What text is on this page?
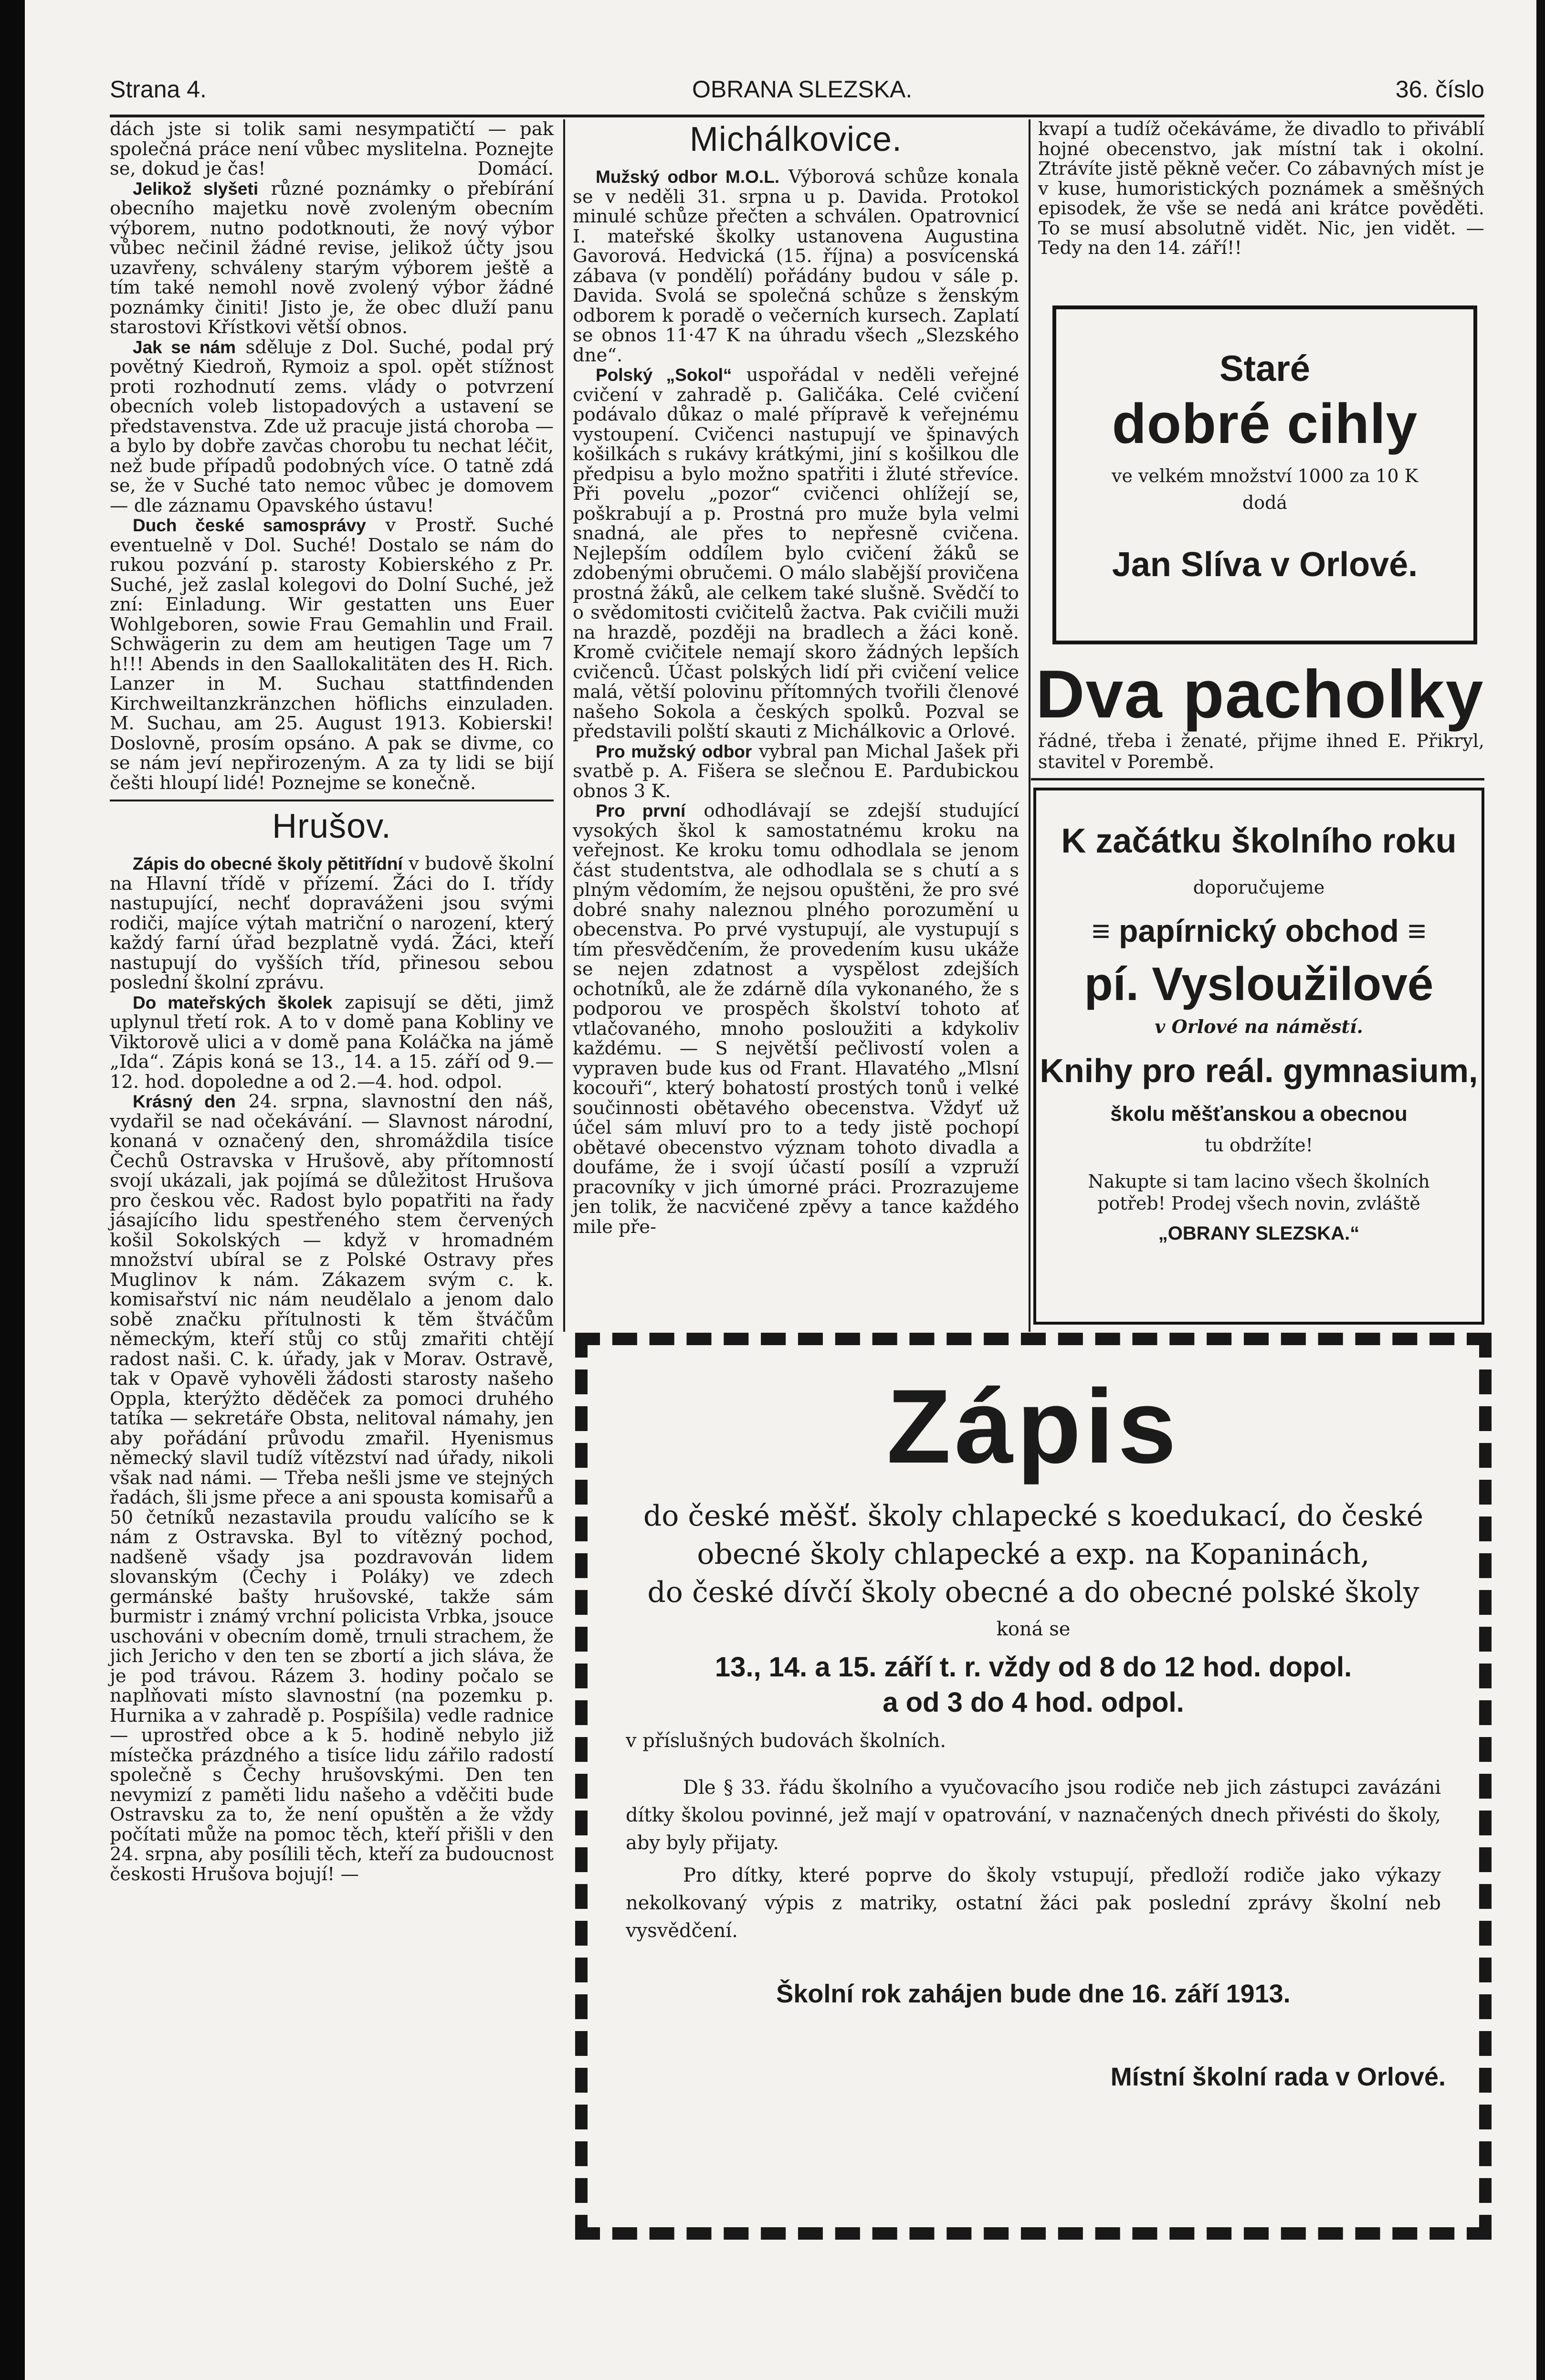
Strana 4.	OBRANA SLEZSKA.	36. číslo

dách jste si tolik sami nesympatičtí — pak společná práce není vůbec myslitelna. Poznejte se, dokud je čas!	Domácí.

Jelikož slyšeti různé poznámky o přebírání obecního majetku nově zvoleným obecním výborem, nutno podotknouti, že nový výbor vůbec nečinil žádné revise, jelikož účty jsou uzavřeny, schváleny starým výborem ještě a tím také nemohl nově zvolený výbor žádné poznámky činiti! Jisto je, že obec dluží panu starostovi Křístkovi větší obnos.

Jak se nám sděluje z Dol. Suché, podal prý povětný Kiedroň, Rymoiz a spol. opět stížnost proti rozhodnutí zems. vlády o potvrzení obecních voleb listopadových a ustavení se představenstva. Zde už pracuje jistá choroba — a bylo by dobře zavčas chorobu tu nechat léčit, než bude případů podobných více. O tatně zdá se, že v Suché tato nemoc vůbec je domovem — dle záznamu Opavského ústavu!

Duch české samosprávy v Prostř. Suché eventuelně v Dol. Suché! Dostalo se nám do rukou pozvání p. starosty Kobierského z Pr. Suché, jež zaslal kolegovi do Dolní Suché, jež zní: Einladung. Wir gestatten uns Euer Wohlgeboren, sowie Frau Gemahlin und Frail. Schwägerin zu dem am heutigen Tage um 7 h!!! Abends in den Saallokalitäten des H. Rich. Lanzer in M. Suchau stattfindenden Kirchweiltanzkränzchen höflichs einzuladen. M. Suchau, am 25. August 1913. Kobierski! Doslovně, prosím opsáno. A pak se divme, co se nám jeví nepřirozeným. A za ty lidi se bijí češti hloupí lidé! Poznejme se konečně.

Hrušov.

Zápis do obecné školy pětitřídní v budově školní na Hlavní třídě v přízemí. Žáci do I. třídy nastupující, nechť dopraváženi jsou svými rodiči, majíce výtah matriční o narození, který každý farní úřad bezplatně vydá. Žáci, kteří nastupují do vyšších tříd, přinesou sebou poslední školní zprávu.

Do mateřských školek zapisují se děti, jimž uplynul třetí rok. A to v domě pana Kobliny ve Viktorově ulici a v domě pana Koláčka na jámě „Ida“. Zápis koná se 13., 14. a 15. září od 9.—12. hod. dopoledne a od 2.—4. hod. odpol.

Krásný den 24. srpna, slavnostní den náš, vydařil se nad očekávání. — Slavnost národní, konaná v označený den, shromáždila tisíce Čechů Ostravska v Hrušově, aby přítomností svojí ukázali, jak pojímá se důležitost Hrušova pro českou věc. Radost bylo popatřiti na řady jásajícího lidu spestřeného stem červených košil Sokolských — když v hromadném množství ubíral se z Polské Ostravy přes Muglinov k nám. Zákazem svým c. k. komisařství nic nám neudělalo a jenom dalo sobě značku přítulnosti k těm štváčům německým, kteří stůj co stůj zmařiti chtějí radost naši. C. k. úřady, jak v Morav. Ostravě, tak v Opavě vyhověli žádosti starosty našeho Oppla, kterýžto děděček za pomoci druhého tatíka — sekretáře Obsta, nelitoval námahy, jen aby pořádání průvodu zmařil. Hyenismus německý slavil tudíž vítězství nad úřady, nikoli však nad námi. — Třeba nešli jsme ve stejných řadách, šli jsme přece a ani spousta komisařů a 50 četníků nezastavila proudu valícího se k nám z Ostravska. Byl to vítězný pochod, nadšeně všady jsa pozdravován lidem slovanským (Čechy i Poláky) ve zdech germánské bašty hrušovské, takže sám burmistr i známý vrchní policista Vrbka, jsouce uschováni v obecním domě, trnuli strachem, že jich Jericho v den ten se zbortí a jich sláva, že je pod trávou. Rázem 3. hodiny počalo se naplňovati místo slavnostní (na pozemku p. Hurnika a v zahradě p. Pospíšila) vedle radnice — uprostřed obce a k 5. hodině nebylo již místečka prázdného a tisíce lidu zářilo radostí společně s Čechy hrušovskými. Den ten nevymizí z paměti lidu našeho a vděčiti bude Ostravsku za to, že není opuštěn a že vždy počítati může na pomoc těch, kteří přišli v den 24. srpna, aby posílili těch, kteří za budoucnost českosti Hrušova bojují! —

Michálkovice.

Mužský odbor M.O.L. Výborová schůze konala se v neděli 31. srpna u p. Davida. Protokol minulé schůze přečten a schválen. Opatrovnicí I. mateřské školky ustanovena Augustina Gavorová. Hedvická (15. října) a posvícenská zábava (v pondělí) pořádány budou v sále p. Davida. Svolá se společná schůze s ženským odborem k poradě o večerních kursech. Zaplatí se obnos 11·47 K na úhradu všech „Slezského dne“.

Polský „Sokol“ uspořádal v neděli veřejné cvičení v zahradě p. Galičáka. Celé cvičení podávalo důkaz o malé přípravě k veřejnému vystoupení. Cvičenci nastupují ve špinavých košilkách s rukávy krátkými, jiní s košilkou dle předpisu a bylo možno spatřiti i žluté střevíce. Při povelu „pozor“ cvičenci ohlížejí se, poškrabují a p. Prostná pro muže byla velmi snadná, ale přes to nepřesně cvičena. Nejlepším oddílem bylo cvičení žáků se zdobenými obručemi. O málo slabější provičena prostná žáků, ale celkem také slušně. Svědčí to o svědomitosti cvičitelů žactva. Pak cvičili muži na hrazdě, později na bradlech a žáci koně. Kromě cvičitele nemají skoro žádných lepších cvičenců. Účast polských lidí při cvičení velice malá, větší polovinu přítomných tvořili členové našeho Sokola a českých spolků. Pozval se představili polští skauti z Michálkovic a Orlové.

Pro mužský odbor vybral pan Michal Jašek při svatbě p. A. Fišera se slečnou E. Pardubickou obnos 3 K.

Pro první odhodlávají se zdejší studující vysokých škol k samostatnému kroku na veřejnost. Ke kroku tomu odhodlala se jenom část studentstva, ale odhodlala se s chutí a s plným vědomím, že nejsou opuštěni, že pro své dobré snahy naleznou plného porozumění u obecenstva. Po prvé vystupují, ale vystupují s tím přesvědčením, že provedením kusu ukáže se nejen zdatnost a vyspělost zdejších ochotníků, ale že zdárně díla vykonaného, že s podporou ve prospěch školství tohoto ať vtlačovaného, mnoho posloužiti a kdykoliv každému. — S největší pečlivostí volen a vypraven bude kus od Frant. Hlavatého „Mlsní kocouři“, který bohatostí prostých tonů i velké součinnosti obětavého obecenstva. Vždyť už účel sám mluví pro to a tedy jistě pochopí obětavé obecenstvo význam tohoto divadla a doufáme, že i svojí účastí posílí a vzpruží pracovníky v jich úmorné práci. Prozrazujeme jen tolik, že nacvičené zpěvy a tance každého mile pře-

kvapí a tudíž očekáváme, že divadlo to přiváblí hojné obecenstvo, jak místní tak i okolní. Ztrávíte jistě pěkně večer. Co zábavných míst je v kuse, humoristických poznámek a směšných episodek, že vše se nedá ani krátce pověděti. To se musí absolutně vidět. Nic, jen vidět. — Tedy na den 14. září!!

Staré
dobré cihly
ve velkém množství 1000 za 10 K
dodá
Jan Slíva v Orlové.
Dva pacholky
řádné, třeba i ženaté, přijme ihned E. Přikryl, stavitel v Porembě.
K začátku školního roku
doporučujeme
≡ papírnický obchod ≡
pí. Vysloužilové
v Orlové na náměstí.
Knihy pro reál. gymnasium,
školu měšťanskou a obecnou
tu obdržíte!
Nakupte si tam lacino všech školních potřeb! Prodej všech novin, zvláště
„OBRANY SLEZSKA.“
Zápis

do české měšť. školy chlapecké s koedukací, do české

obecné školy chlapecké a exp. na Kopaninách,

do české dívčí školy obecné a do obecné polské školy

koná se

13., 14. a 15. září t. r. vždy od 8 do 12 hod. dopol.

a od 3 do 4 hod. odpol.

v příslušných budovách školních.

Dle § 33. řádu školního a vyučovacího jsou rodiče neb jich zástupci zavázáni dítky školou povinné, jež mají v opatrování, v naznačených dnech přivésti do školy, aby byly přijaty.

Pro dítky, které poprve do školy vstupují, předloží rodiče jako výkazy nekolkovaný výpis z matriky, ostatní žáci pak poslední zprávy školní neb vysvědčení.

Školní rok zahájen bude dne 16. září 1913.

Místní školní rada v Orlové.
